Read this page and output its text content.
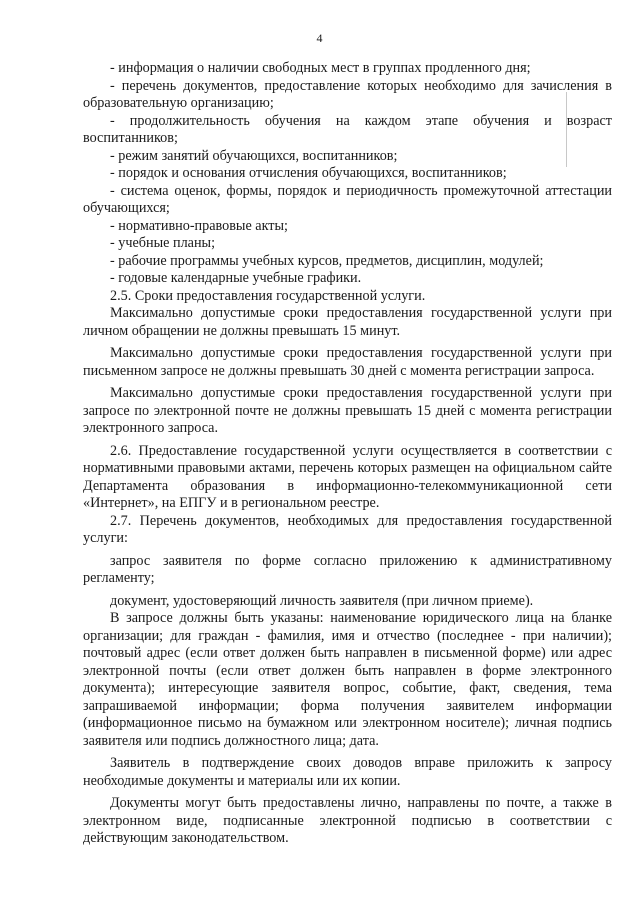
4

- информация о наличии свободных мест в группах продленного дня;

- перечень документов, предоставление которых необходимо для зачисления в образовательную организацию;

- продолжительность обучения на каждом этапе обучения и возраст воспитанников;

- режим занятий обучающихся, воспитанников;

- порядок и основания отчисления обучающихся, воспитанников;

- система оценок, формы, порядок и периодичность промежуточной аттестации обучающихся;

- нормативно-правовые акты;

- учебные планы;

- рабочие программы учебных курсов, предметов, дисциплин, модулей;

- годовые календарные учебные графики.

2.5. Сроки предоставления государственной услуги.

Максимально допустимые сроки предоставления государственной услуги при личном обращении не должны превышать 15 минут.

Максимально допустимые сроки предоставления государственной услуги при письменном запросе не должны превышать 30 дней с момента регистрации запроса.

Максимально допустимые сроки предоставления государственной услуги при запросе по электронной почте не должны превышать 15 дней с момента регистрации электронного запроса.

2.6. Предоставление государственной услуги осуществляется в соответствии с нормативными правовыми актами, перечень которых размещен на официальном сайте Департамента образования в информационно-телекоммуникационной сети «Интернет», на ЕПГУ и в региональном реестре.

2.7. Перечень документов, необходимых для предоставления государственной услуги:

запрос заявителя по форме согласно приложению к административному регламенту;

документ, удостоверяющий личность заявителя (при личном приеме).

В запросе должны быть указаны: наименование юридического лица на бланке организации; для граждан - фамилия, имя и отчество (последнее - при наличии); почтовый адрес (если ответ должен быть направлен в письменной форме) или адрес электронной почты (если ответ должен быть направлен в форме электронного документа); интересующие заявителя вопрос, событие, факт, сведения, тема запрашиваемой информации; форма получения заявителем информации (информационное письмо на бумажном или электронном носителе); личная подпись заявителя или подпись должностного лица; дата.

Заявитель в подтверждение своих доводов вправе приложить к запросу необходимые документы и материалы или их копии.

Документы могут быть предоставлены лично, направлены по почте, а также в электронном виде, подписанные электронной подписью в соответствии с действующим законодательством.
